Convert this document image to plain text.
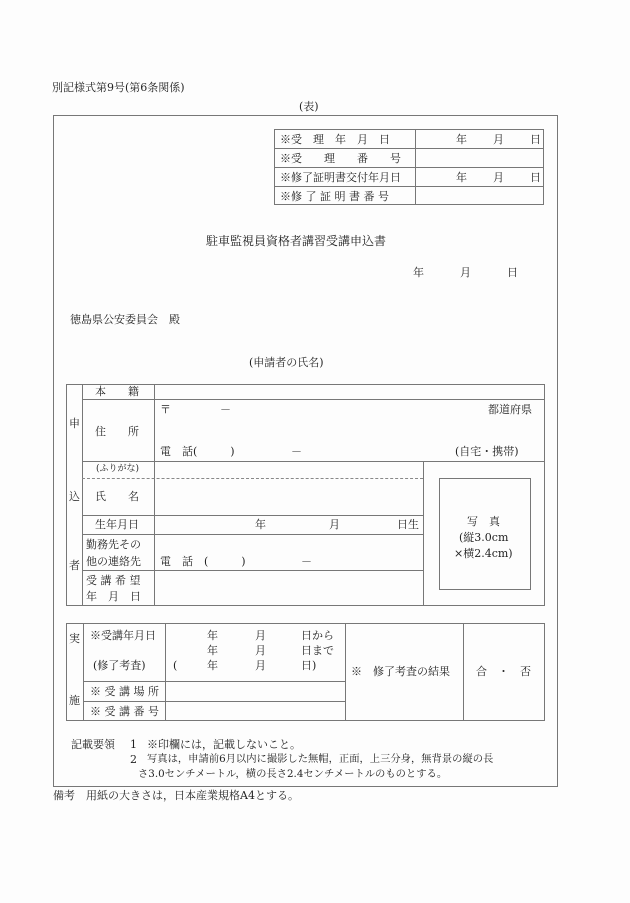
別記様式第9号(第6条関係)
(表)
※受　理　年　月　日	年 月 日
※受　　理　　番　　号
※修了証明書交付年月日	年 月 日
※修 了 証 明 書 番 号
駐車監視員資格者講習受講申込書
年	月	日
徳島県公安委員会　殿
(申請者の氏名)
申
込
者
本　　籍
住　　所
〒	－	都道府県
電　話(　　　)	－	(自宅・携帯)
(ふりがな)
氏　　名
生年月日	年	月	日生
勤務先その
他の連絡先 電　話　(　　　)	－
受 講 希 望
年　月　日
写　真
(縦3.0cm
×横2.4cm)
実
施
※受講年月日
(修了考査)
年	月	日から
年	月	日まで
(	年	月	日)
※ 受 講 場 所
※ 受 講 番 号
※　修了考査の結果 合　・　否
記載要領 1 ※印欄には，記載しないこと。
2 写真は，申請前6月以内に撮影した無帽，正面，上三分身，無背景の縦の長
さ3.0センチメートル，横の長さ2.4センチメートルのものとする。
備考　用紙の大きさは，日本産業規格A4とする。
